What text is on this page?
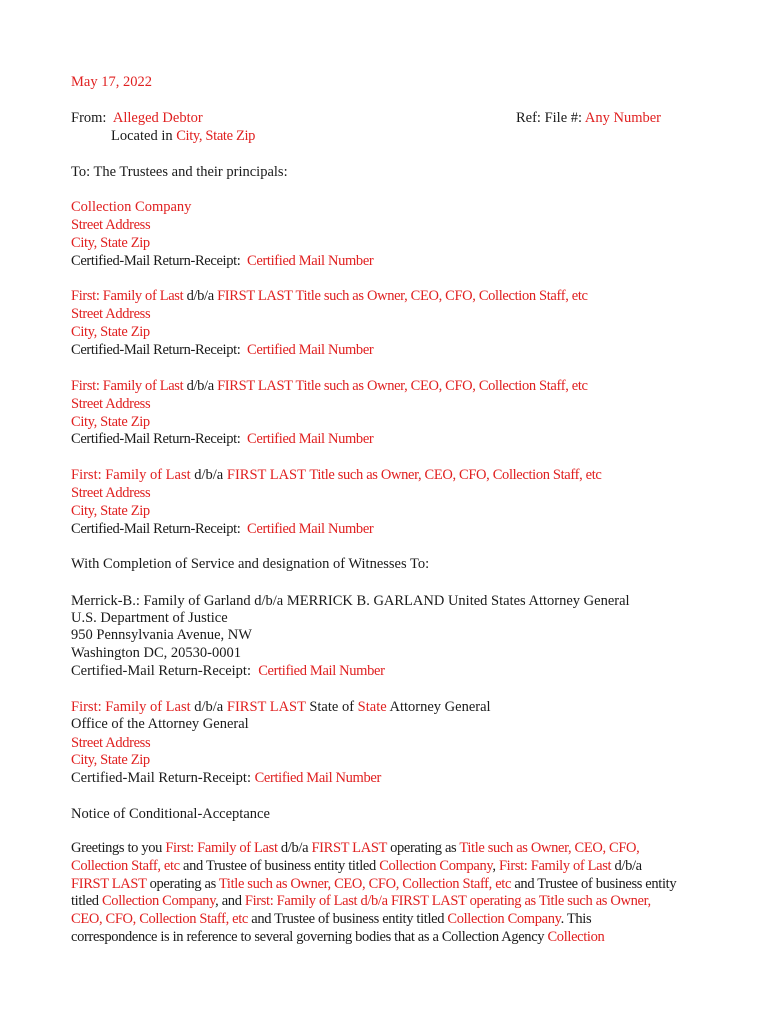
May 17, 2022
From: Alleged Debtor	Ref: File #: Any Number
Located in City, State Zip
To: The Trustees and their principals:
Collection Company
Street Address
City, State Zip
Certified-Mail Return-Receipt: Certified Mail Number
First: Family of Last d/b/a FIRST LAST Title such as Owner, CEO, CFO, Collection Staff, etc
Street Address
City, State Zip
Certified-Mail Return-Receipt: Certified Mail Number
First: Family of Last d/b/a FIRST LAST Title such as Owner, CEO, CFO, Collection Staff, etc
Street Address
City, State Zip
Certified-Mail Return-Receipt: Certified Mail Number
First: Family of Last d/b/a FIRST LAST Title such as Owner, CEO, CFO, Collection Staff, etc
Street Address
City, State Zip
Certified-Mail Return-Receipt: Certified Mail Number
With Completion of Service and designation of Witnesses To:
Merrick-B.: Family of Garland d/b/a MERRICK B. GARLAND United States Attorney General
U.S. Department of Justice
950 Pennsylvania Avenue, NW
Washington DC, 20530-0001
Certified-Mail Return-Receipt: Certified Mail Number
First: Family of Last d/b/a FIRST LAST State of State Attorney General
Office of the Attorney General
Street Address
City, State Zip
Certified-Mail Return-Receipt: Certified Mail Number
Notice of Conditional-Acceptance
Greetings to you First: Family of Last d/b/a FIRST LAST operating as Title such as Owner, CEO, CFO,
Collection Staff, etc and Trustee of business entity titled Collection Company, First: Family of Last d/b/a
FIRST LAST operating as Title such as Owner, CEO, CFO, Collection Staff, etc and Trustee of business entity
titled Collection Company, and First: Family of Last d/b/a FIRST LAST operating as Title such as Owner,
CEO, CFO, Collection Staff, etc and Trustee of business entity titled Collection Company. This
correspondence is in reference to several governing bodies that as a Collection Agency Collection
